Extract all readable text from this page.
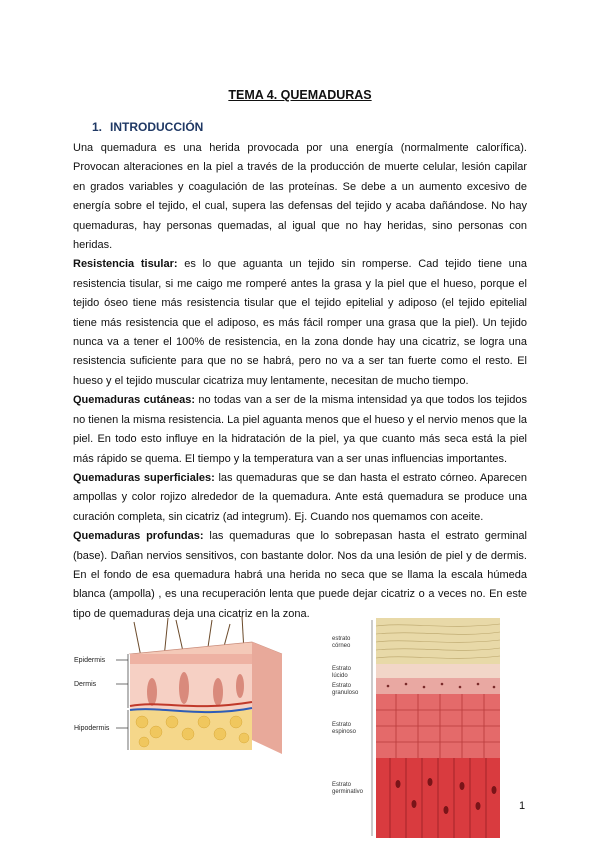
TEMA 4. QUEMADURAS
1. INTRODUCCIÓN

Una quemadura es una herida provocada por una energía (normalmente calorífica). Provocan alteraciones en la piel a través de la producción de muerte celular, lesión capilar en grados variables y coagulación de las proteínas. Se debe a un aumento excesivo de energía sobre el tejido, el cual, supera las defensas del tejido y acaba dañándose. No hay quemaduras, hay personas quemadas, al igual que no hay heridas, sino personas con heridas.

Resistencia tisular: es lo que aguanta un tejido sin romperse. Cad tejido tiene una resistencia tisular, si me caigo me romperé antes la grasa y la piel que el hueso, porque el tejido óseo tiene más resistencia tisular que el tejido epitelial y adiposo (el tejido epitelial tiene más resistencia que el adiposo, es más fácil romper una grasa que la piel). Un tejido nunca va a tener el 100% de resistencia, en la zona donde hay una cicatriz, se logra una resistencia suficiente para que no se habrá, pero no va a ser tan fuerte como el resto. El hueso y el tejido muscular cicatriza muy lentamente, necesitan de mucho tiempo.

Quemaduras cutáneas: no todas van a ser de la misma intensidad ya que todos los tejidos no tienen la misma resistencia. La piel aguanta menos que el hueso y el nervio menos que la piel. En todo esto influye en la hidratación de la piel, ya que cuanto más seca está la piel más rápido se quema. El tiempo y la temperatura van a ser unas influencias importantes.

Quemaduras superficiales: las quemaduras que se dan hasta el estrato córneo. Aparecen ampollas y color rojizo alrededor de la quemadura. Ante está quemadura se produce una curación completa, sin cicatriz (ad integrum). Ej. Cuando nos quemamos con aceite.

Quemaduras profundas: las quemaduras que lo sobrepasan hasta el estrato germinal (base). Dañan nervios sensitivos, con bastante dolor. Nos da una lesión de piel y de dermis. En el fondo de esa quemadura habrá una herida no seca que se llama la escala húmeda blanca (ampolla) , es una recuperación lenta que puede dejar cicatriz o a veces no. En este tipo de quemaduras deja una cicatriz en la zona.

Epidermis
Dermis
Hipodermis
estrato
córneo
Estrato
lúcido
Estrato
granuloso
Estrato
espinoso
Estrato
germinativo
1
